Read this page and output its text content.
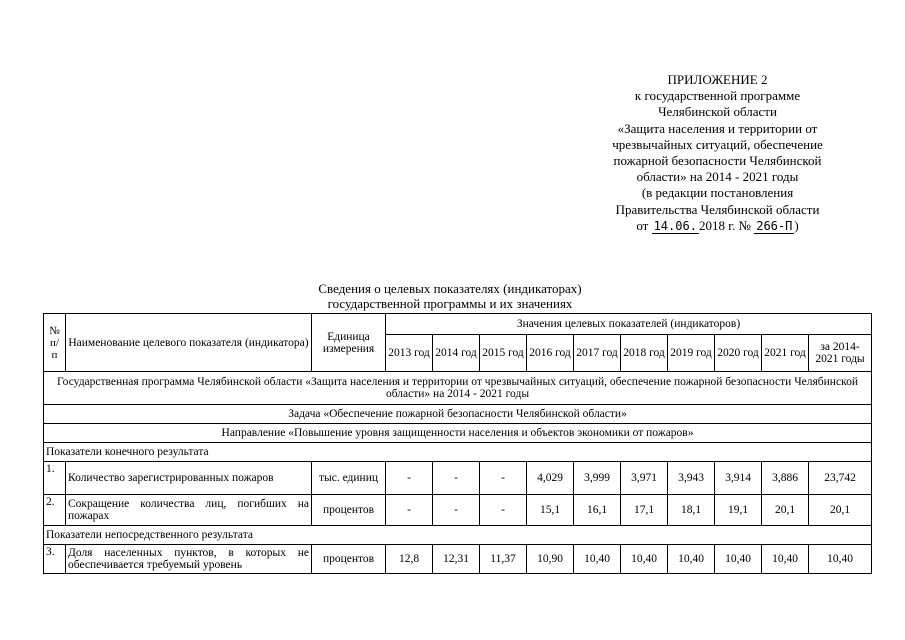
ПРИЛОЖЕНИЕ 2
к государственной программе
Челябинской области
«Защита населения и территории от
чрезвычайных ситуаций, обеспечение
пожарной безопасности Челябинской
области» на 2014 - 2021 годы
(в редакции постановления
Правительства Челябинской области
от 14.06. 2018 г. № 266-П )
Сведения о целевых показателях (индикаторах)
государственной программы и их значениях
№ п/ п	Наименование целевого показателя (индикатора)	Единица измерения	Значения целевых показателей (индикаторов)									
			2013 год	2014 год	2015 год	2016 год	2017 год	2018 год	2019 год	2020 год	2021 год	за 2014-2021 годы
Государственная программа Челябинской области «Защита населения и территории от чрезвычайных ситуаций, обеспечение пожарной безопасности Челябинской области» на 2014 - 2021 годы												
Задача «Обеспечение пожарной безопасности Челябинской области»												
Направление «Повышение уровня защищенности населения и объектов экономики от пожаров»												
Показатели конечного результата												
1.	Количество зарегистрированных пожаров	тыс. единиц	-	-	-	4,029	3,999	3,971	3,943	3,914	3,886	23,742
2.	Сокращение количества лиц, погибших на пожарах	процентов	-	-	-	15,1	16,1	17,1	18,1	19,1	20,1	20,1
Показатели непосредственного результата												
3.	Доля населенных пунктов, в которых не обеспечивается требуемый уровень	процентов	12,8	12,31	11,37	10,90	10,40	10,40	10,40	10,40	10,40	10,40
